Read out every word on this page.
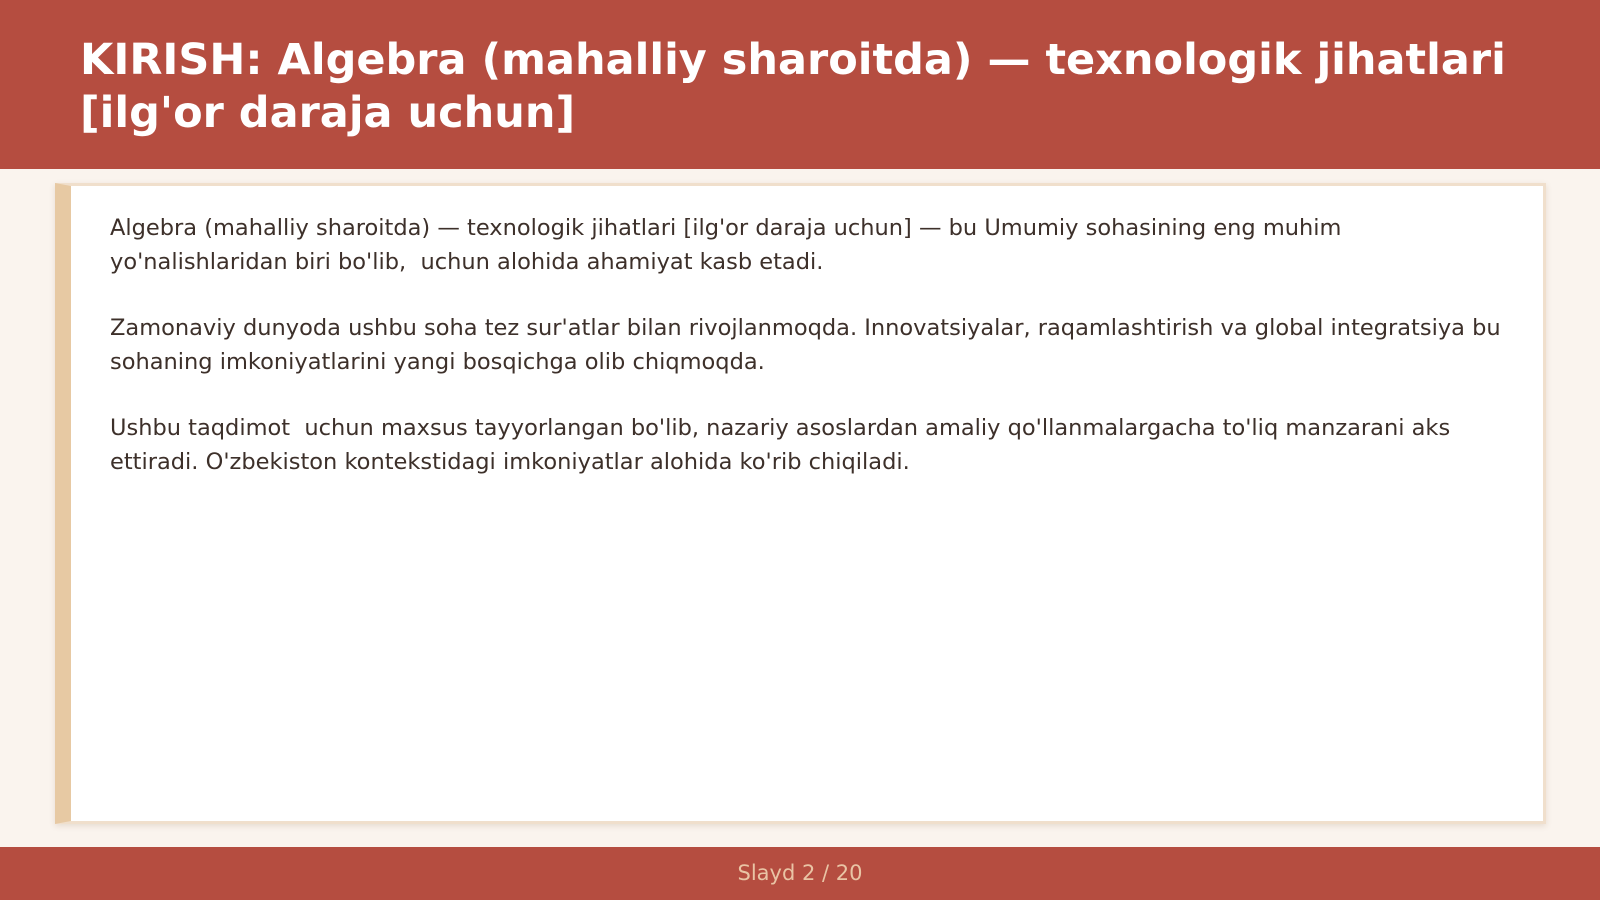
KIRISH: Algebra (mahalliy sharoitda) — texnologik jihatlari [ilg'or daraja uchun]

Algebra (mahalliy sharoitda) — texnologik jihatlari [ilg'or daraja uchun] — bu Umumiy sohasining eng muhim yo'nalishlaridan biri bo'lib,  uchun alohida ahamiyat kasb etadi.

Zamonaviy dunyoda ushbu soha tez sur'atlar bilan rivojlanmoqda. Innovatsiyalar, raqamlashtirish va global integratsiya bu sohaning imkoniyatlarini yangi bosqichga olib chiqmoqda.

Ushbu taqdimot  uchun maxsus tayyorlangan bo'lib, nazariy asoslardan amaliy qo'llanmalargacha to'liq manzarani aks ettiradi. O'zbekiston kontekstidagi imkoniyatlar alohida ko'rib chiqiladi.

Slayd 2 / 20
